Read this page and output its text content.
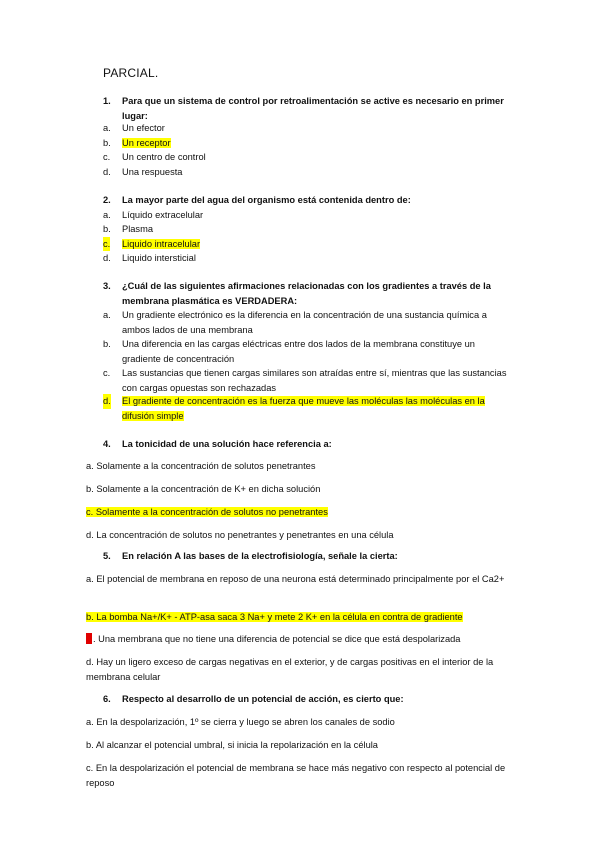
PARCIAL.
1. Para que un sistema de control por retroalimentación se active es necesario en primer lugar:
a. Un efector
b. Un receptor
c. Un centro de control
d. Una respuesta
2. La mayor parte del agua del organismo está contenida dentro de:
a. Líquido extracelular
b. Plasma
c. Liquido intracelular
d. Liquido intersticial
3. ¿Cuál de las siguientes afirmaciones relacionadas con los gradientes a través de la membrana plasmática es VERDADERA:
a. Un gradiente electrónico es la diferencia en la concentración de una sustancia química a ambos lados de una membrana
b. Una diferencia en las cargas eléctricas entre dos lados de la membrana constituye un gradiente de concentración
c. Las sustancias que tienen cargas similares son atraídas entre sí, mientras que las sustancias con cargas opuestas son rechazadas
d. El gradiente de concentración es la fuerza que mueve las moléculas las moléculas en la difusión simple
4. La tonicidad de una solución hace referencia a:
a. Solamente a la concentración de solutos penetrantes
b. Solamente a la concentración de K+ en dicha solución
c. Solamente a la concentración de solutos no penetrantes
d. La concentración de solutos no penetrantes y penetrantes en una célula
5. En relación A las bases de la electrofisiología, señale la cierta:
a. El potencial de membrana en reposo de una neurona está determinado principalmente por el Ca2+
b. La bomba Na+/K+ - ATP-asa saca 3 Na+ y mete 2 K+ en la célula en contra de gradiente
. Una membrana que no tiene una diferencia de potencial se dice que está despolarizada
d. Hay un ligero exceso de cargas negativas en el exterior, y de cargas positivas en el interior de la membrana celular
6. Respecto al desarrollo de un potencial de acción, es cierto que:
a. En la despolarización, 1º se cierra y luego se abren los canales de sodio
b. Al alcanzar el potencial umbral, si inicia la repolarización en la célula
c. En la despolarización el potencial de membrana se hace más negativo con respecto al potencial de reposo
